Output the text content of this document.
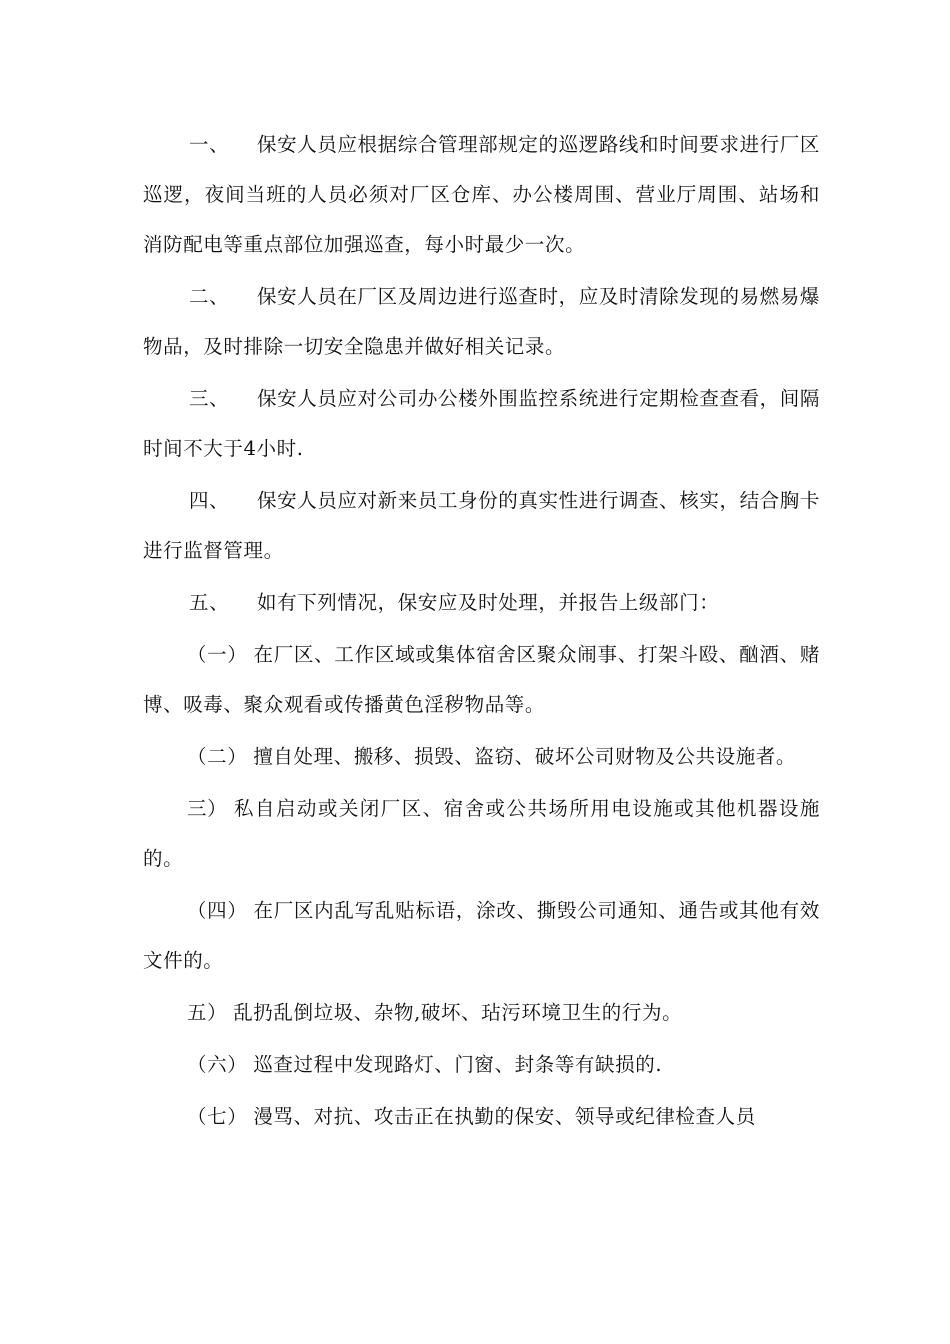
一、 保安人员应根据综合管理部规定的巡逻路线和时间要求进行厂区巡逻，夜间当班的人员必须对厂区仓库、办公楼周围、营业厅周围、站场和消防配电等重点部位加强巡查，每小时最少一次。

二、 保安人员在厂区及周边进行巡查时，应及时清除发现的易燃易爆物品，及时排除一切安全隐患并做好相关记录。

三、 保安人员应对公司办公楼外围监控系统进行定期检查查看，间隔时间不大于4小时.

四、 保安人员应对新来员工身份的真实性进行调查、核实，结合胸卡进行监督管理。

五、 如有下列情况，保安应及时处理，并报告上级部门：

（一） 在厂区、工作区域或集体宿舍区聚众闹事、打架斗殴、酗酒、赌博、吸毒、聚众观看或传播黄色淫秽物品等。

（二） 擅自处理、搬移、损毁、盗窃、破坏公司财物及公共设施者。

三） 私自启动或关闭厂区、宿舍或公共场所用电设施或其他机器设施的。

（四） 在厂区内乱写乱贴标语，涂改、撕毁公司通知、通告或其他有效文件的。

五） 乱扔乱倒垃圾、杂物,破坏、玷污环境卫生的行为。

（六） 巡查过程中发现路灯、门窗、封条等有缺损的.

（七） 漫骂、对抗、攻击正在执勤的保安、领导或纪律检查人员
